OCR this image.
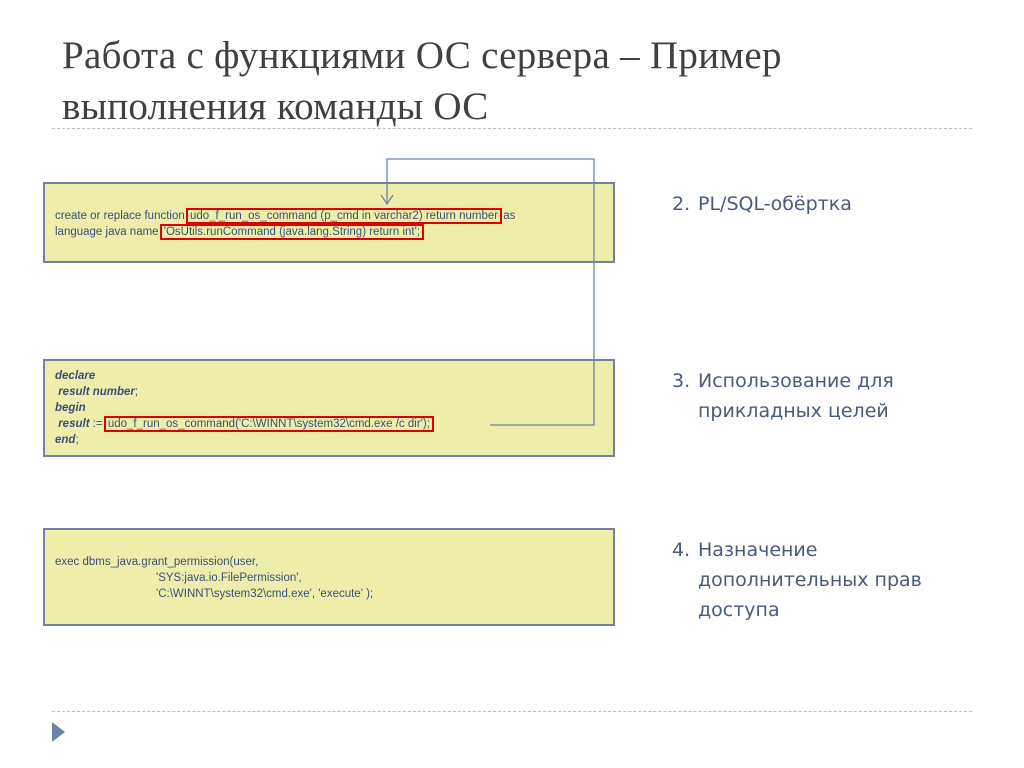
Работа с функциями ОС сервера – Пример
выполнения команды ОС
create or replace function udo_f_run_os_command (p_cmd in varchar2) return number as
language java name 'OsUtils.runCommand (java.lang.String) return int';
declare
result number;
begin
result := udo_f_run_os_command('C:\WINNT\system32\cmd.exe /c dir');
end;
exec dbms_java.grant_permission(user,
'SYS:java.io.FilePermission',
'C:\WINNT\system32\cmd.exe', 'execute' );
2. PL/SQL-обёртка
3. Использование для
прикладных целей
4. Назначение
дополнительных прав
доступа
